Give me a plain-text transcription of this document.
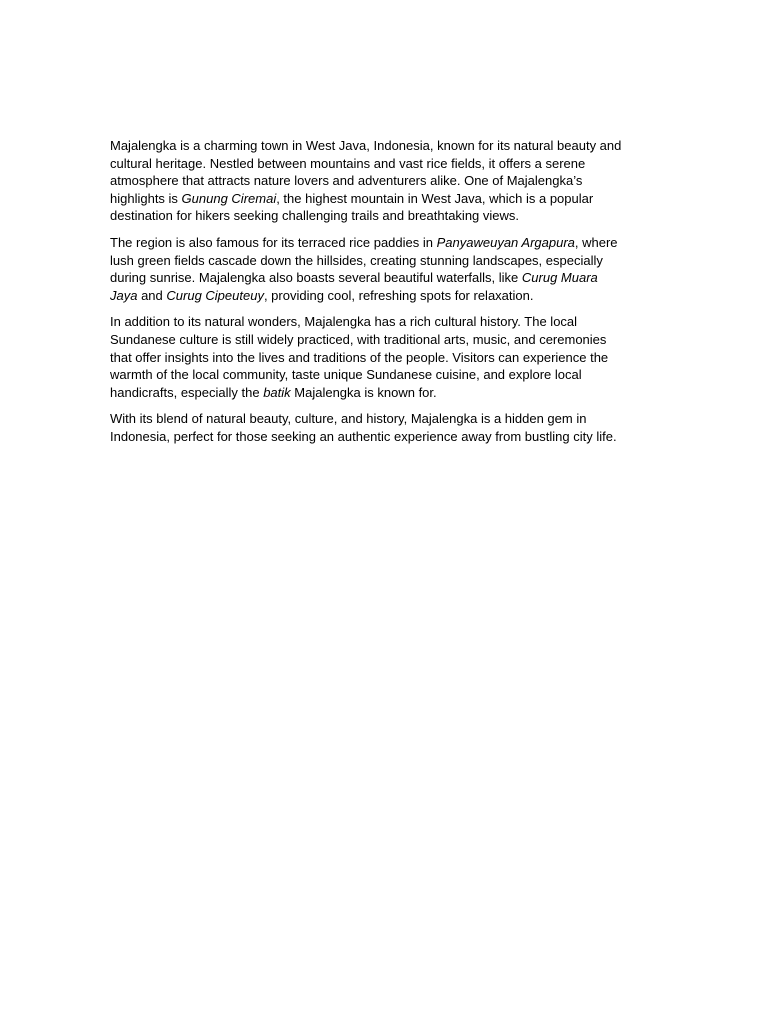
Majalengka is a charming town in West Java, Indonesia, known for its natural beauty and cultural heritage. Nestled between mountains and vast rice fields, it offers a serene atmosphere that attracts nature lovers and adventurers alike. One of Majalengka’s highlights is Gunung Ciremai, the highest mountain in West Java, which is a popular destination for hikers seeking challenging trails and breathtaking views.

The region is also famous for its terraced rice paddies in Panyaweuyan Argapura, where lush green fields cascade down the hillsides, creating stunning landscapes, especially during sunrise. Majalengka also boasts several beautiful waterfalls, like Curug Muara Jaya and Curug Cipeuteuy, providing cool, refreshing spots for relaxation.

In addition to its natural wonders, Majalengka has a rich cultural history. The local Sundanese culture is still widely practiced, with traditional arts, music, and ceremonies that offer insights into the lives and traditions of the people. Visitors can experience the warmth of the local community, taste unique Sundanese cuisine, and explore local handicrafts, especially the batik Majalengka is known for.

With its blend of natural beauty, culture, and history, Majalengka is a hidden gem in Indonesia, perfect for those seeking an authentic experience away from bustling city life.
